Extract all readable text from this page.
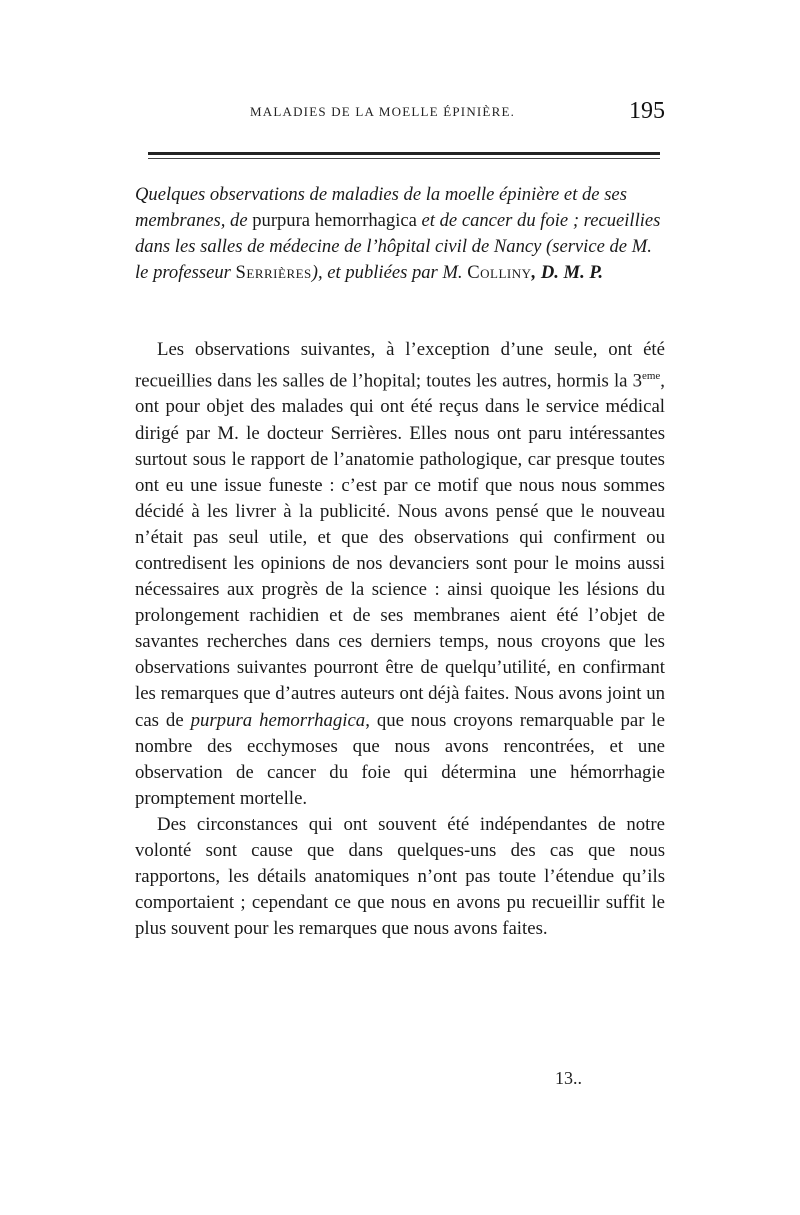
MALADIES DE LA MOELLE ÉPINIÈRE.	195
Quelques observations de maladies de la moelle épinière et de ses membranes, de purpura hemorrhagica et de cancer du foie ; recueillies dans les salles de médecine de l’hôpital civil de Nancy (service de M. le professeur Serrières), et publiées par M. Colliny, D. M. P.

Les observations suivantes, à l’exception d’une seule, ont été recueillies dans les salles de l’hopital; toutes les autres, hormis la 3eme, ont pour objet des malades qui ont été reçus dans le service médical dirigé par M. le docteur Serrières. Elles nous ont paru intéressantes surtout sous le rapport de l’anatomie pathologique, car presque toutes ont eu une issue funeste : c’est par ce motif que nous nous sommes décidé à les livrer à la publicité. Nous avons pensé que le nouveau n’était pas seul utile, et que des observations qui confirment ou contredisent les opinions de nos devanciers sont pour le moins aussi nécessaires aux progrès de la science : ainsi quoique les lésions du prolongement rachidien et de ses membranes aient été l’objet de savantes recherches dans ces derniers temps, nous croyons que les observations suivantes pourront être de quelqu’utilité, en confirmant les remarques que d’autres auteurs ont déjà faites. Nous avons joint un cas de purpura hemorrhagica, que nous croyons remarquable par le nombre des ecchymoses que nous avons rencontrées, et une observation de cancer du foie qui détermina une hémorrhagie promptement mortelle.

Des circonstances qui ont souvent été indépendantes de notre volonté sont cause que dans quelques-uns des cas que nous rapportons, les détails anatomiques n’ont pas toute l’étendue qu’ils comportaient ; cependant ce que nous en avons pu recueillir suffit le plus souvent pour les remarques que nous avons faites.

13..
